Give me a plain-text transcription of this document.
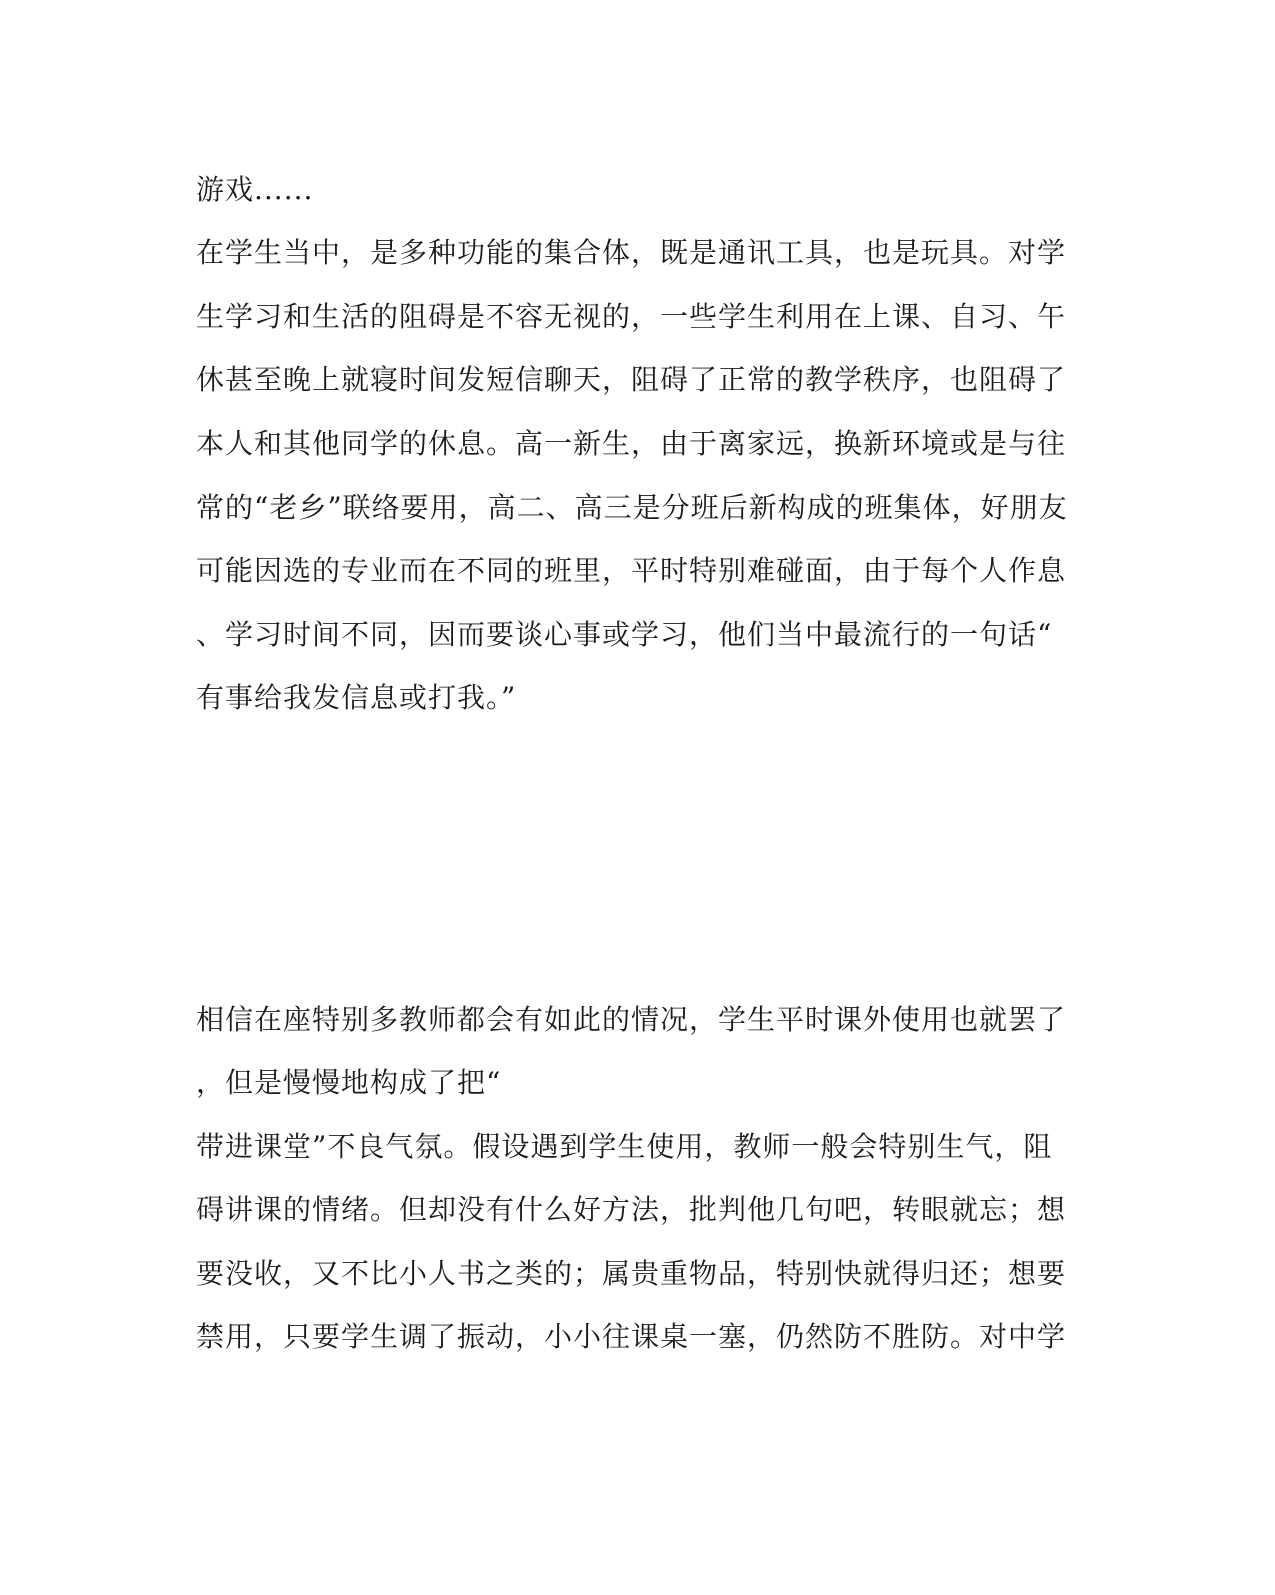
游戏......
在学生当中，是多种功能的集合体，既是通讯工具，也是玩具。对学
生学习和生活的阻碍是不容无视的，一些学生利用在上课、自习、午
休甚至晚上就寝时间发短信聊天，阻碍了正常的教学秩序，也阻碍了
本人和其他同学的休息。高一新生，由于离家远，换新环境或是与往
常的“老乡”联络要用，高二、高三是分班后新构成的班集体，好朋友
可能因选的专业而在不同的班里，平时特别难碰面，由于每个人作息
、学习时间不同，因而要谈心事或学习，他们当中最流行的一句话“
有事给我发信息或打我。”
相信在座特别多教师都会有如此的情况，学生平时课外使用也就罢了
，但是慢慢地构成了把“
带进课堂”不良气氛。假设遇到学生使用，教师一般会特别生气，阻
碍讲课的情绪。但却没有什么好方法，批判他几句吧，转眼就忘；想
要没收，又不比小人书之类的；属贵重物品，特别快就得归还；想要
禁用，只要学生调了振动，小小往课桌一塞，仍然防不胜防。对中学
